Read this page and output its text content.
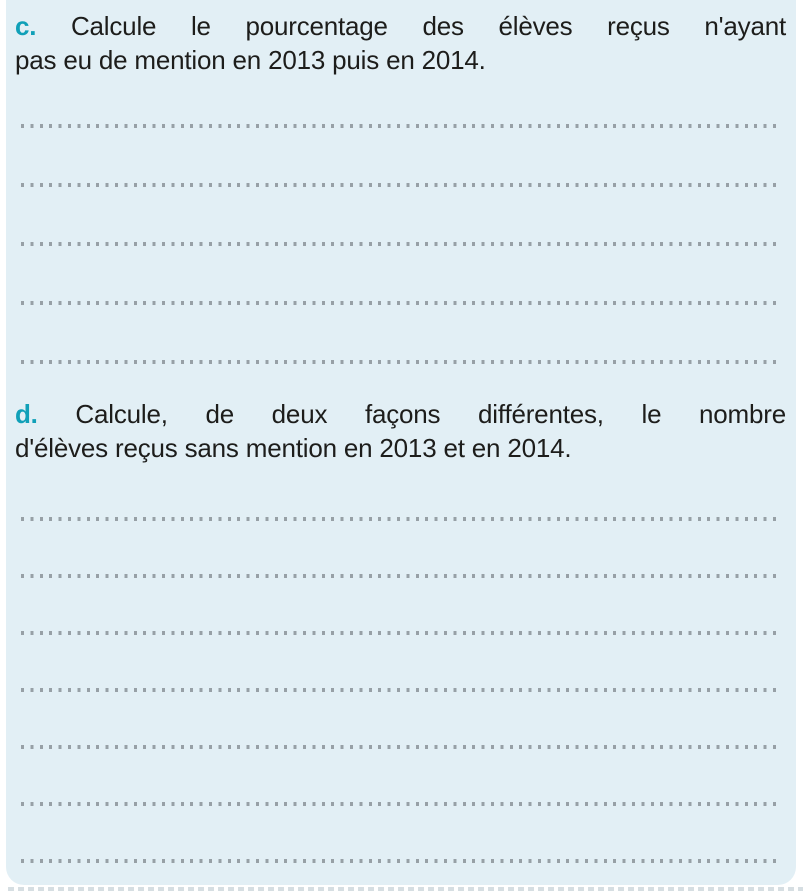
c. Calcule le pourcentage des élèves reçus n'ayant

pas eu de mention en 2013 puis en 2014.

d. Calcule, de deux façons différentes, le nombre

d'élèves reçus sans mention en 2013 et en 2014.
